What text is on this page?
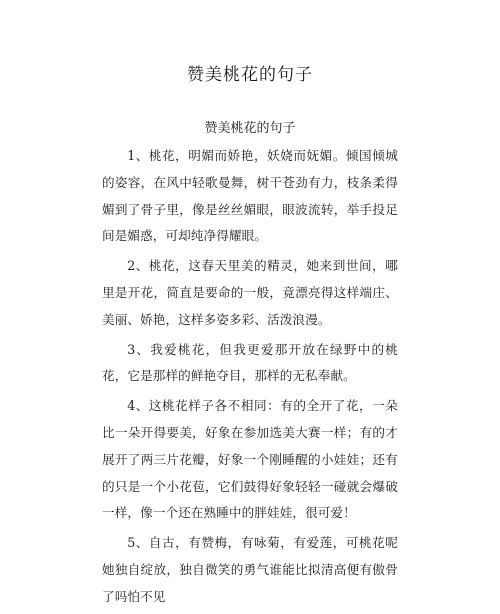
赞美桃花的句子
赞美桃花的句子

1、桃花，明媚而娇艳，妖娆而妩媚。倾国倾城的姿容，在风中轻歌曼舞，树干苍劲有力，枝条柔得媚到了骨子里，像是丝丝媚眼，眼波流转，举手投足间是媚惑，可却纯净得耀眼。

2、桃花，这春天里美的精灵，她来到世间，哪里是开花，简直是要命的一般，竟漂亮得这样端庄、美丽、娇艳，这样多姿多彩、活泼浪漫。

3、我爱桃花，但我更爱那开放在绿野中的桃花，它是那样的鲜艳夺目，那样的无私奉献。

4、这桃花样子各不相同：有的全开了花，一朵比一朵开得要美，好象在参加选美大赛一样；有的才展开了两三片花瓣，好象一个刚睡醒的小娃娃；还有的只是一个小花苞，它们鼓得好象轻轻一碰就会爆破一样，像一个还在熟睡中的胖娃娃，很可爱！

5、自古，有赞梅，有咏菊，有爱莲，可桃花呢她独自绽放，独自微笑的勇气谁能比拟清高便有傲骨了吗怕不见
